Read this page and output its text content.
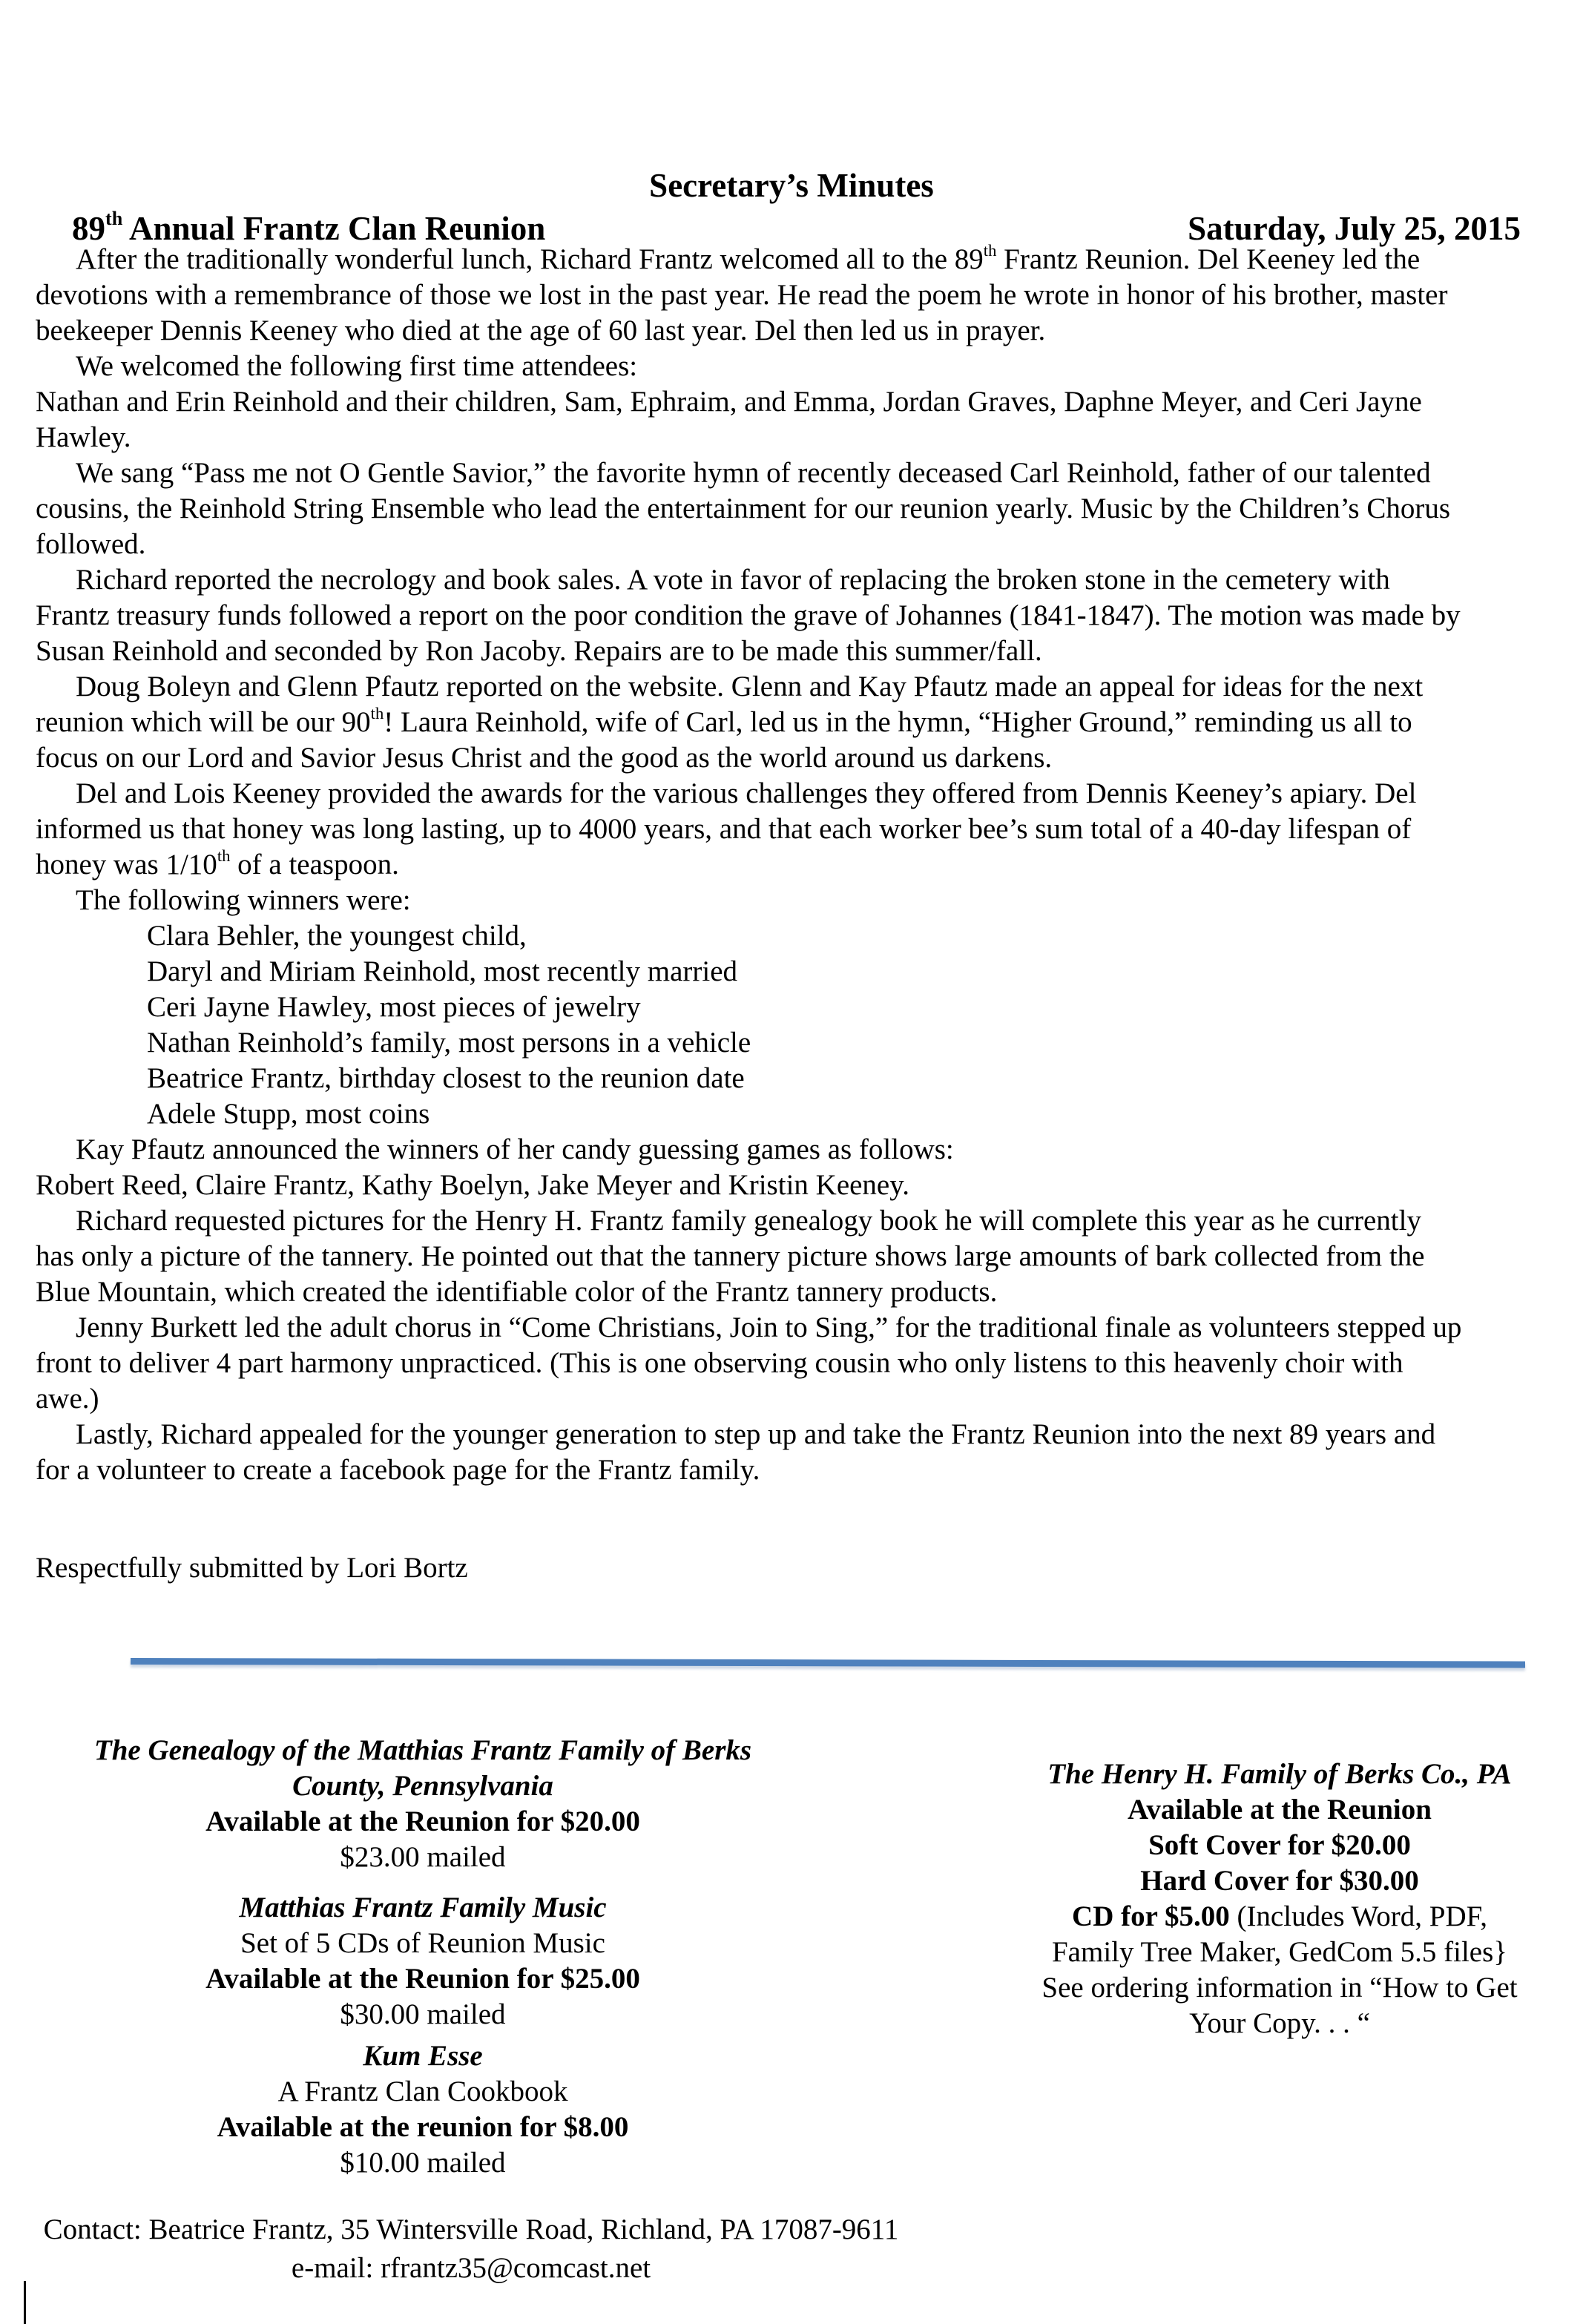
Secretary’s Minutes
89th Annual Frantz Clan Reunion	Saturday, July 25, 2015
After the traditionally wonderful lunch, Richard Frantz welcomed all to the 89th Frantz Reunion. Del Keeney led the
devotions with a remembrance of those we lost in the past year. He read the poem he wrote in honor of his brother, master
beekeeper Dennis Keeney who died at the age of 60 last year. Del then led us in prayer.
We welcomed the following first time attendees:
Nathan and Erin Reinhold and their children, Sam, Ephraim, and Emma, Jordan Graves, Daphne Meyer, and Ceri Jayne
Hawley.
We sang “Pass me not O Gentle Savior,” the favorite hymn of recently deceased Carl Reinhold, father of our talented
cousins, the Reinhold String Ensemble who lead the entertainment for our reunion yearly. Music by the Children’s Chorus
followed.
Richard reported the necrology and book sales. A vote in favor of replacing the broken stone in the cemetery with
Frantz treasury funds followed a report on the poor condition the grave of Johannes (1841-1847). The motion was made by
Susan Reinhold and seconded by Ron Jacoby. Repairs are to be made this summer/fall.
Doug Boleyn and Glenn Pfautz reported on the website. Glenn and Kay Pfautz made an appeal for ideas for the next
reunion which will be our 90th! Laura Reinhold, wife of Carl, led us in the hymn, “Higher Ground,” reminding us all to
focus on our Lord and Savior Jesus Christ and the good as the world around us darkens.
Del and Lois Keeney provided the awards for the various challenges they offered from Dennis Keeney’s apiary. Del
informed us that honey was long lasting, up to 4000 years, and that each worker bee’s sum total of a 40-day lifespan of
honey was 1/10th of a teaspoon.
The following winners were:
Clara Behler, the youngest child,
Daryl and Miriam Reinhold, most recently married
Ceri Jayne Hawley, most pieces of jewelry
Nathan Reinhold’s family, most persons in a vehicle
Beatrice Frantz, birthday closest to the reunion date
Adele Stupp, most coins
Kay Pfautz announced the winners of her candy guessing games as follows:
Robert Reed, Claire Frantz, Kathy Boelyn, Jake Meyer and Kristin Keeney.
Richard requested pictures for the Henry H. Frantz family genealogy book he will complete this year as he currently
has only a picture of the tannery. He pointed out that the tannery picture shows large amounts of bark collected from the
Blue Mountain, which created the identifiable color of the Frantz tannery products.
Jenny Burkett led the adult chorus in “Come Christians, Join to Sing,” for the traditional finale as volunteers stepped up
front to deliver 4 part harmony unpracticed. (This is one observing cousin who only listens to this heavenly choir with
awe.)
Lastly, Richard appealed for the younger generation to step up and take the Frantz Reunion into the next 89 years and
for a volunteer to create a facebook page for the Frantz family.
Respectfully submitted by Lori Bortz
The Genealogy of the Matthias Frantz Family of Berks
County, Pennsylvania
Available at the Reunion for $20.00
$23.00 mailed
Matthias Frantz Family Music
Set of 5 CDs of Reunion Music
Available at the Reunion for $25.00
$30.00 mailed
Kum Esse
A Frantz Clan Cookbook
Available at the reunion for $8.00
$10.00 mailed
The Henry H. Family of Berks Co., PA
Available at the Reunion
Soft Cover for $20.00
Hard Cover for $30.00
CD for $5.00 (Includes Word, PDF,
Family Tree Maker, GedCom 5.5 files}
See ordering information in “How to Get
Your Copy. . . “
Contact: Beatrice Frantz, 35 Wintersville Road, Richland, PA 17087-9611
e-mail: rfrantz35@comcast.net
